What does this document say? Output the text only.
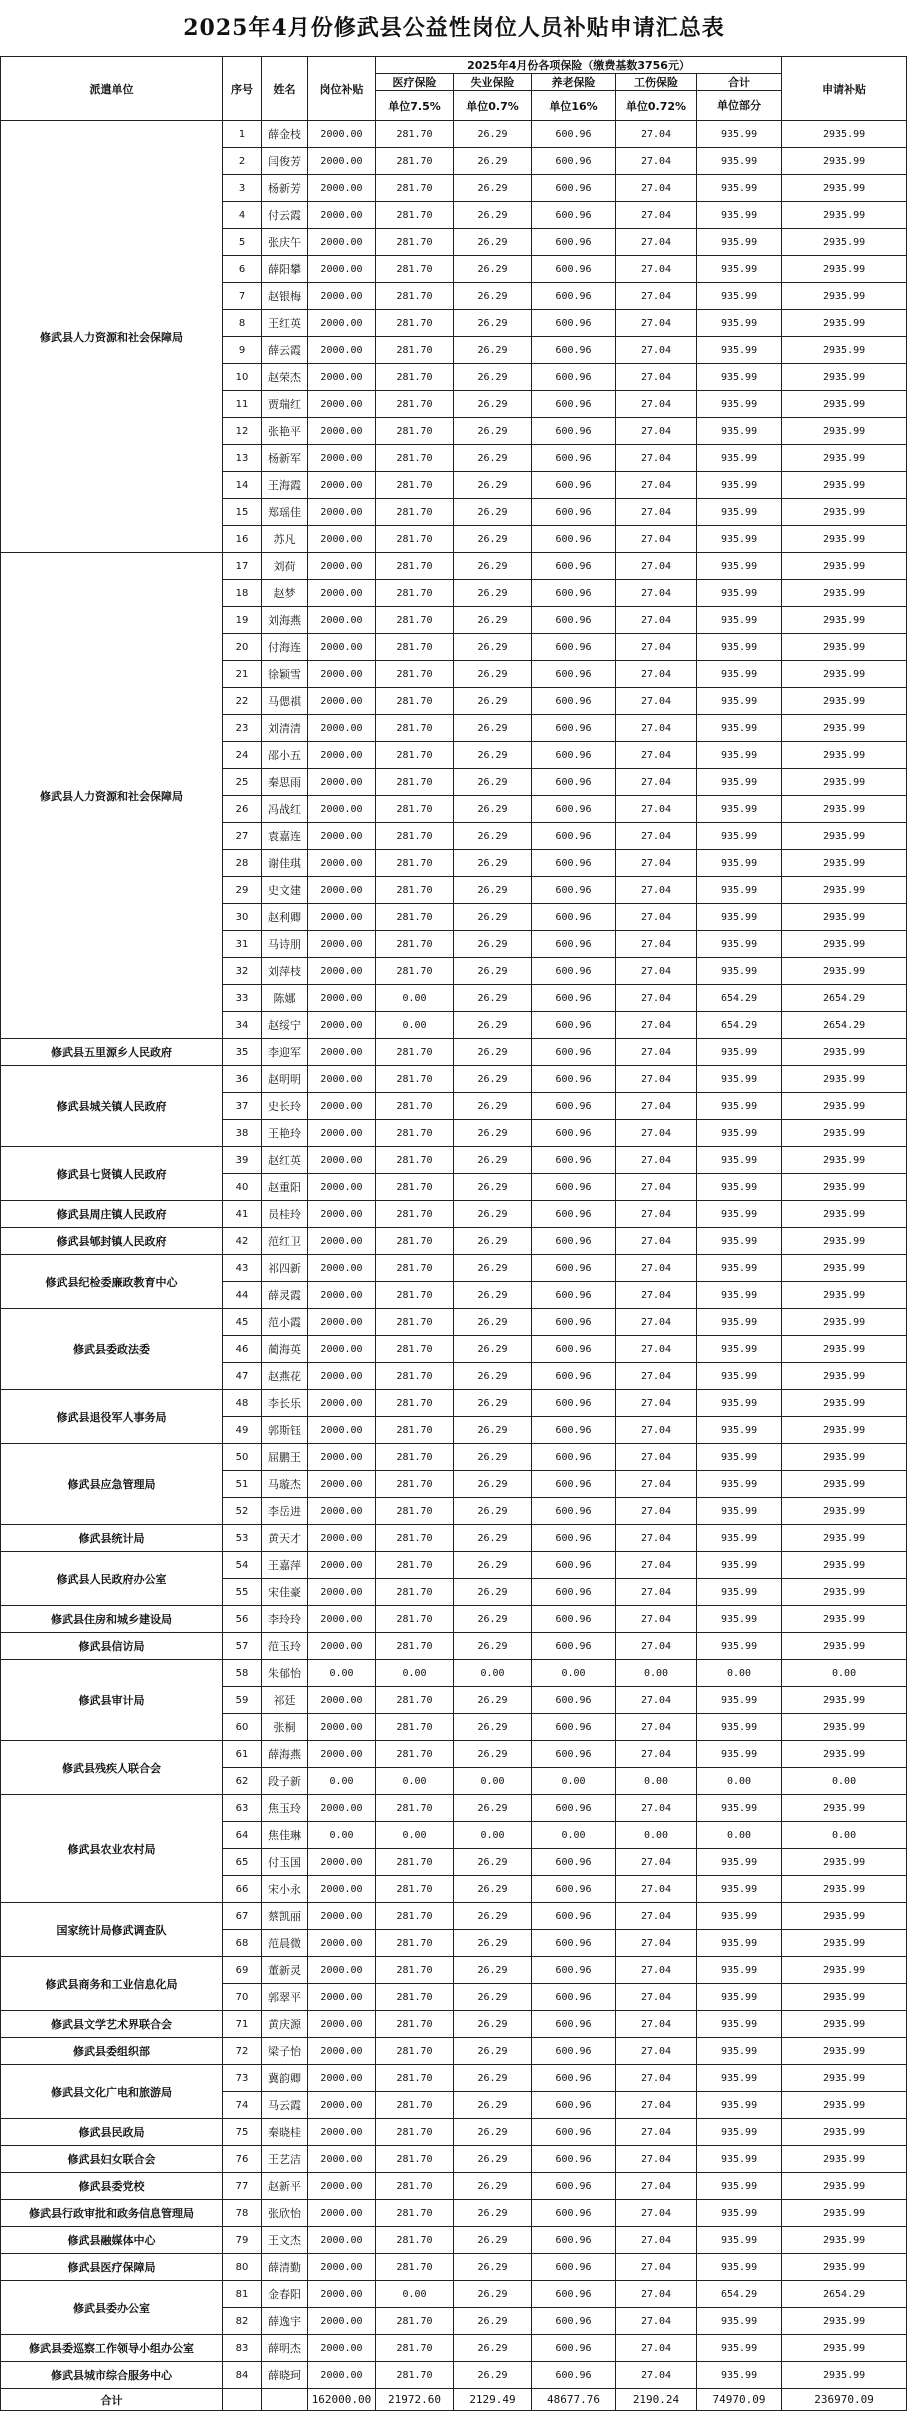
2025年4月份修武县公益性岗位人员补贴申请汇总表
派遣单位	序号	姓名	岗位补贴	2025年4月份各项保险（缴费基数3756元）					申请补贴
				医疗保险	失业保险	养老保险	工伤保险	合计	
				单位7.5%	单位0.7%	单位16%	单位0.72%	单位部分	
修武县人力资源和社会保障局	1	薛金枝	2000.00	281.70	26.29	600.96	27.04	935.99	2935.99
	2	闫俊芳	2000.00	281.70	26.29	600.96	27.04	935.99	2935.99
	3	杨新芳	2000.00	281.70	26.29	600.96	27.04	935.99	2935.99
	4	付云霞	2000.00	281.70	26.29	600.96	27.04	935.99	2935.99
	5	张庆午	2000.00	281.70	26.29	600.96	27.04	935.99	2935.99
	6	薛阳攀	2000.00	281.70	26.29	600.96	27.04	935.99	2935.99
	7	赵银梅	2000.00	281.70	26.29	600.96	27.04	935.99	2935.99
	8	王红英	2000.00	281.70	26.29	600.96	27.04	935.99	2935.99
	9	薛云霞	2000.00	281.70	26.29	600.96	27.04	935.99	2935.99
	10	赵荣杰	2000.00	281.70	26.29	600.96	27.04	935.99	2935.99
	11	贾瑞红	2000.00	281.70	26.29	600.96	27.04	935.99	2935.99
	12	张艳平	2000.00	281.70	26.29	600.96	27.04	935.99	2935.99
	13	杨新军	2000.00	281.70	26.29	600.96	27.04	935.99	2935.99
	14	王海霞	2000.00	281.70	26.29	600.96	27.04	935.99	2935.99
	15	郑瑶佳	2000.00	281.70	26.29	600.96	27.04	935.99	2935.99
	16	苏凡	2000.00	281.70	26.29	600.96	27.04	935.99	2935.99
修武县人力资源和社会保障局	17	刘荷	2000.00	281.70	26.29	600.96	27.04	935.99	2935.99
	18	赵梦	2000.00	281.70	26.29	600.96	27.04	935.99	2935.99
	19	刘海燕	2000.00	281.70	26.29	600.96	27.04	935.99	2935.99
	20	付海连	2000.00	281.70	26.29	600.96	27.04	935.99	2935.99
	21	徐颖雪	2000.00	281.70	26.29	600.96	27.04	935.99	2935.99
	22	马偲祺	2000.00	281.70	26.29	600.96	27.04	935.99	2935.99
	23	刘清清	2000.00	281.70	26.29	600.96	27.04	935.99	2935.99
	24	邵小五	2000.00	281.70	26.29	600.96	27.04	935.99	2935.99
	25	秦思雨	2000.00	281.70	26.29	600.96	27.04	935.99	2935.99
	26	冯战红	2000.00	281.70	26.29	600.96	27.04	935.99	2935.99
	27	袁嘉连	2000.00	281.70	26.29	600.96	27.04	935.99	2935.99
	28	谢佳琪	2000.00	281.70	26.29	600.96	27.04	935.99	2935.99
	29	史文建	2000.00	281.70	26.29	600.96	27.04	935.99	2935.99
	30	赵利卿	2000.00	281.70	26.29	600.96	27.04	935.99	2935.99
	31	马诗朋	2000.00	281.70	26.29	600.96	27.04	935.99	2935.99
	32	刘萍枝	2000.00	281.70	26.29	600.96	27.04	935.99	2935.99
	33	陈娜	2000.00	0.00	26.29	600.96	27.04	654.29	2654.29
	34	赵绥宁	2000.00	0.00	26.29	600.96	27.04	654.29	2654.29
修武县五里源乡人民政府	35	李迎军	2000.00	281.70	26.29	600.96	27.04	935.99	2935.99
修武县城关镇人民政府	36	赵明明	2000.00	281.70	26.29	600.96	27.04	935.99	2935.99
	37	史长玲	2000.00	281.70	26.29	600.96	27.04	935.99	2935.99
	38	王艳玲	2000.00	281.70	26.29	600.96	27.04	935.99	2935.99
修武县七贤镇人民政府	39	赵红英	2000.00	281.70	26.29	600.96	27.04	935.99	2935.99
	40	赵重阳	2000.00	281.70	26.29	600.96	27.04	935.99	2935.99
修武县周庄镇人民政府	41	员桂玲	2000.00	281.70	26.29	600.96	27.04	935.99	2935.99
修武县郇封镇人民政府	42	范红卫	2000.00	281.70	26.29	600.96	27.04	935.99	2935.99
修武县纪检委廉政教育中心	43	祁四新	2000.00	281.70	26.29	600.96	27.04	935.99	2935.99
	44	薛灵霞	2000.00	281.70	26.29	600.96	27.04	935.99	2935.99
修武县委政法委	45	范小霞	2000.00	281.70	26.29	600.96	27.04	935.99	2935.99
	46	蔺海英	2000.00	281.70	26.29	600.96	27.04	935.99	2935.99
	47	赵燕花	2000.00	281.70	26.29	600.96	27.04	935.99	2935.99
修武县退役军人事务局	48	李长乐	2000.00	281.70	26.29	600.96	27.04	935.99	2935.99
	49	郭斯钰	2000.00	281.70	26.29	600.96	27.04	935.99	2935.99
修武县应急管理局	50	屈鹏王	2000.00	281.70	26.29	600.96	27.04	935.99	2935.99
	51	马璇杰	2000.00	281.70	26.29	600.96	27.04	935.99	2935.99
	52	李岳进	2000.00	281.70	26.29	600.96	27.04	935.99	2935.99
修武县统计局	53	黄天才	2000.00	281.70	26.29	600.96	27.04	935.99	2935.99
修武县人民政府办公室	54	王嘉萍	2000.00	281.70	26.29	600.96	27.04	935.99	2935.99
	55	宋佳豪	2000.00	281.70	26.29	600.96	27.04	935.99	2935.99
修武县住房和城乡建设局	56	李玲玲	2000.00	281.70	26.29	600.96	27.04	935.99	2935.99
修武县信访局	57	范玉玲	2000.00	281.70	26.29	600.96	27.04	935.99	2935.99
修武县审计局	58	朱郁怡	0.00	0.00	0.00	0.00	0.00	0.00	0.00
	59	祁廷	2000.00	281.70	26.29	600.96	27.04	935.99	2935.99
	60	张桐	2000.00	281.70	26.29	600.96	27.04	935.99	2935.99
修武县残疾人联合会	61	薛海燕	2000.00	281.70	26.29	600.96	27.04	935.99	2935.99
	62	段子新	0.00	0.00	0.00	0.00	0.00	0.00	0.00
修武县农业农村局	63	焦玉玲	2000.00	281.70	26.29	600.96	27.04	935.99	2935.99
	64	焦佳琳	0.00	0.00	0.00	0.00	0.00	0.00	0.00
	65	付玉国	2000.00	281.70	26.29	600.96	27.04	935.99	2935.99
	66	宋小永	2000.00	281.70	26.29	600.96	27.04	935.99	2935.99
国家统计局修武调查队	67	蔡凯丽	2000.00	281.70	26.29	600.96	27.04	935.99	2935.99
	68	范晨微	2000.00	281.70	26.29	600.96	27.04	935.99	2935.99
修武县商务和工业信息化局	69	董新灵	2000.00	281.70	26.29	600.96	27.04	935.99	2935.99
	70	郭翠平	2000.00	281.70	26.29	600.96	27.04	935.99	2935.99
修武县文学艺术界联合会	71	黄庆源	2000.00	281.70	26.29	600.96	27.04	935.99	2935.99
修武县委组织部	72	梁子怡	2000.00	281.70	26.29	600.96	27.04	935.99	2935.99
修武县文化广电和旅游局	73	冀韵卿	2000.00	281.70	26.29	600.96	27.04	935.99	2935.99
	74	马云霞	2000.00	281.70	26.29	600.96	27.04	935.99	2935.99
修武县民政局	75	秦晓桂	2000.00	281.70	26.29	600.96	27.04	935.99	2935.99
修武县妇女联合会	76	王艺洁	2000.00	281.70	26.29	600.96	27.04	935.99	2935.99
修武县委党校	77	赵新平	2000.00	281.70	26.29	600.96	27.04	935.99	2935.99
修武县行政审批和政务信息管理局	78	张欣怡	2000.00	281.70	26.29	600.96	27.04	935.99	2935.99
修武县融媒体中心	79	王文杰	2000.00	281.70	26.29	600.96	27.04	935.99	2935.99
修武县医疗保障局	80	薛清勤	2000.00	281.70	26.29	600.96	27.04	935.99	2935.99
修武县委办公室	81	金春阳	2000.00	0.00	26.29	600.96	27.04	654.29	2654.29
	82	薛逸宇	2000.00	281.70	26.29	600.96	27.04	935.99	2935.99
修武县委巡察工作领导小组办公室	83	薛明杰	2000.00	281.70	26.29	600.96	27.04	935.99	2935.99
修武县城市综合服务中心	84	薛晓珂	2000.00	281.70	26.29	600.96	27.04	935.99	2935.99
合计			162000.00	21972.60	2129.49	48677.76	2190.24	74970.09	236970.09
